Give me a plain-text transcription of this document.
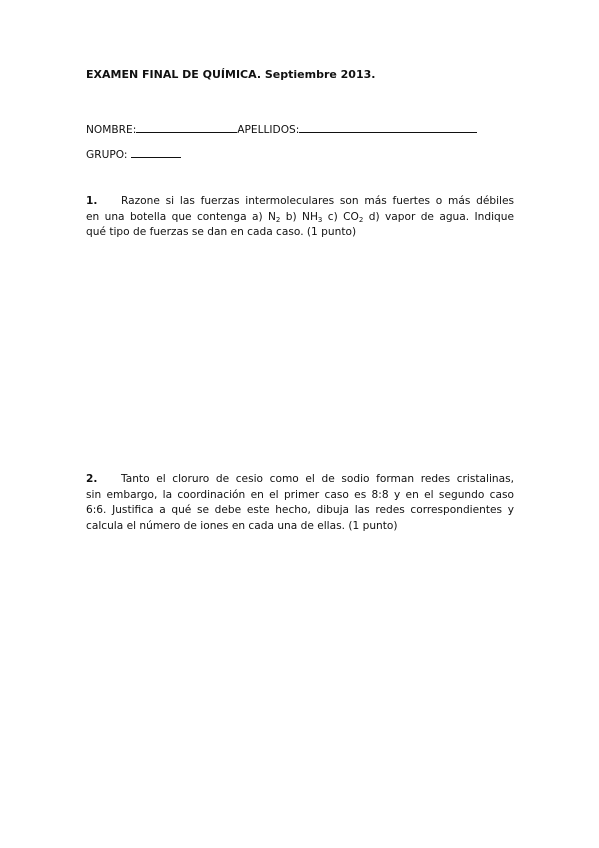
EXAMEN FINAL DE QUÍMICA. Septiembre 2013.
NOMBRE:	APELLIDOS:
GRUPO:
1. Razone si las fuerzas intermoleculares son más fuertes o más débiles
en una botella que contenga a) $N_2$ b) $NH_3$ c) $CO_2$ d) vapor de agua. Indique
qué tipo de fuerzas se dan en cada caso. (1 punto)
2. Tanto el cloruro de cesio como el de sodio forman redes cristalinas,
sin embargo, la coordinación en el primer caso es 8:8 y en el segundo caso
6:6. Justifica a qué se debe este hecho, dibuja las redes correspondientes y
calcula el número de iones en cada una de ellas. (1 punto)
